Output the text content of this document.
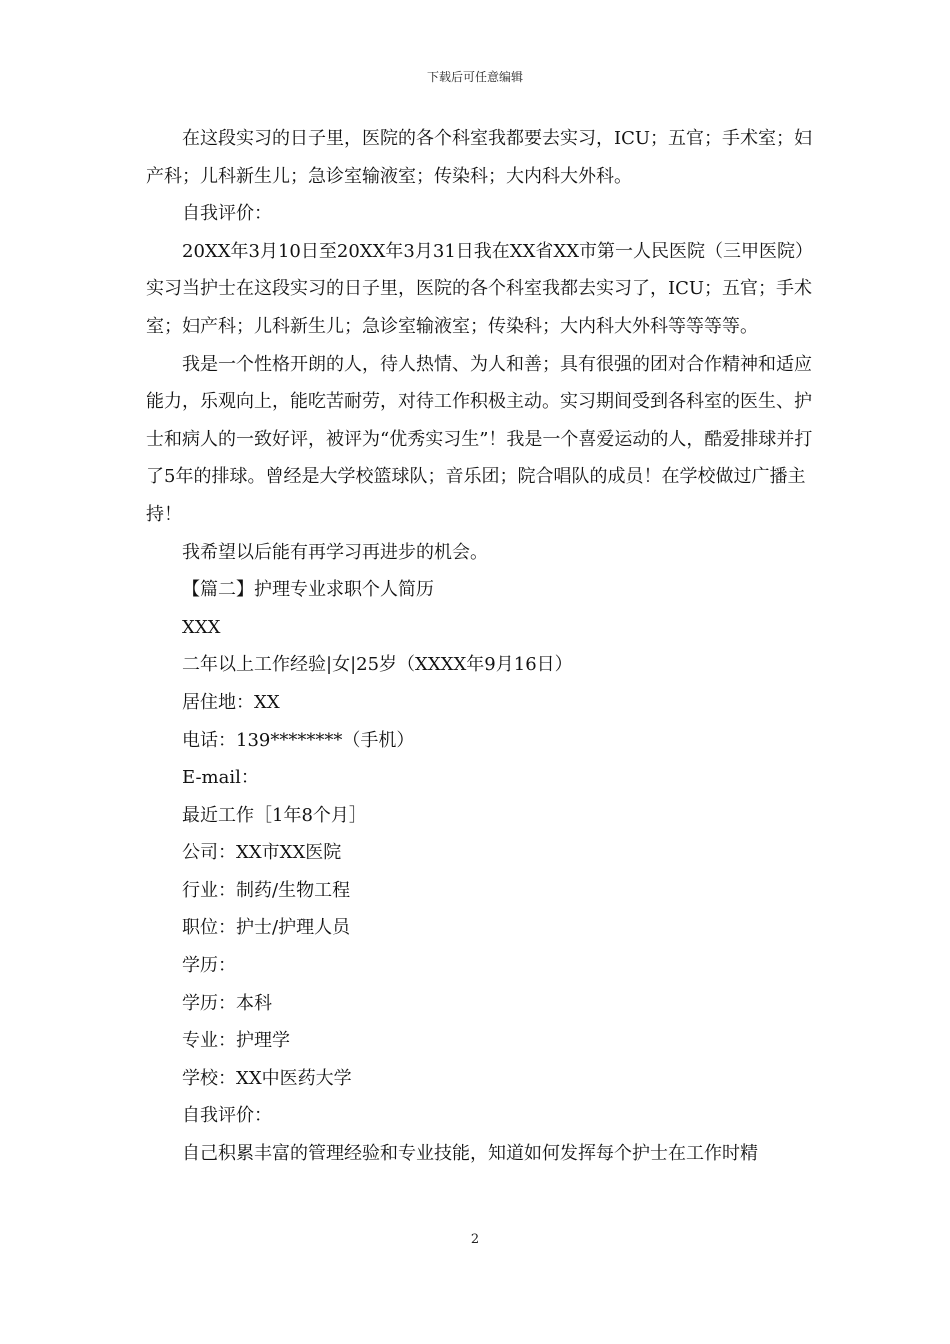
下载后可任意编辑

在这段实习的日子里，医院的各个科室我都要去实习，ICU；五官；手术室；妇产科；儿科新生儿；急诊室输液室；传染科；大内科大外科。

自我评价：

20XX年3月10日至20XX年3月31日我在XX省XX市第一人民医院（三甲医院）实习当护士在这段实习的日子里，医院的各个科室我都去实习了，ICU；五官；手术室；妇产科；儿科新生儿；急诊室输液室；传染科；大内科大外科等等等等。

我是一个性格开朗的人，待人热情、为人和善；具有很强的团对合作精神和适应能力，乐观向上，能吃苦耐劳，对待工作积极主动。实习期间受到各科室的医生、护士和病人的一致好评，被评为“优秀实习生”！我是一个喜爱运动的人，酷爱排球并打了5年的排球。曾经是大学校篮球队；音乐团；院合唱队的成员！在学校做过广播主持！

我希望以后能有再学习再进步的机会。

【篇二】护理专业求职个人简历

XXX

二年以上工作经验|女|25岁（XXXX年9月16日）

居住地：XX

电话：139********（手机）

E-mail：

最近工作［1年8个月］

公司：XX市XX医院

行业：制药/生物工程

职位：护士/护理人员

学历：

学历：本科

专业：护理学

学校：XX中医药大学

自我评价：

自己积累丰富的管理经验和专业技能，知道如何发挥每个护士在工作时精

2
